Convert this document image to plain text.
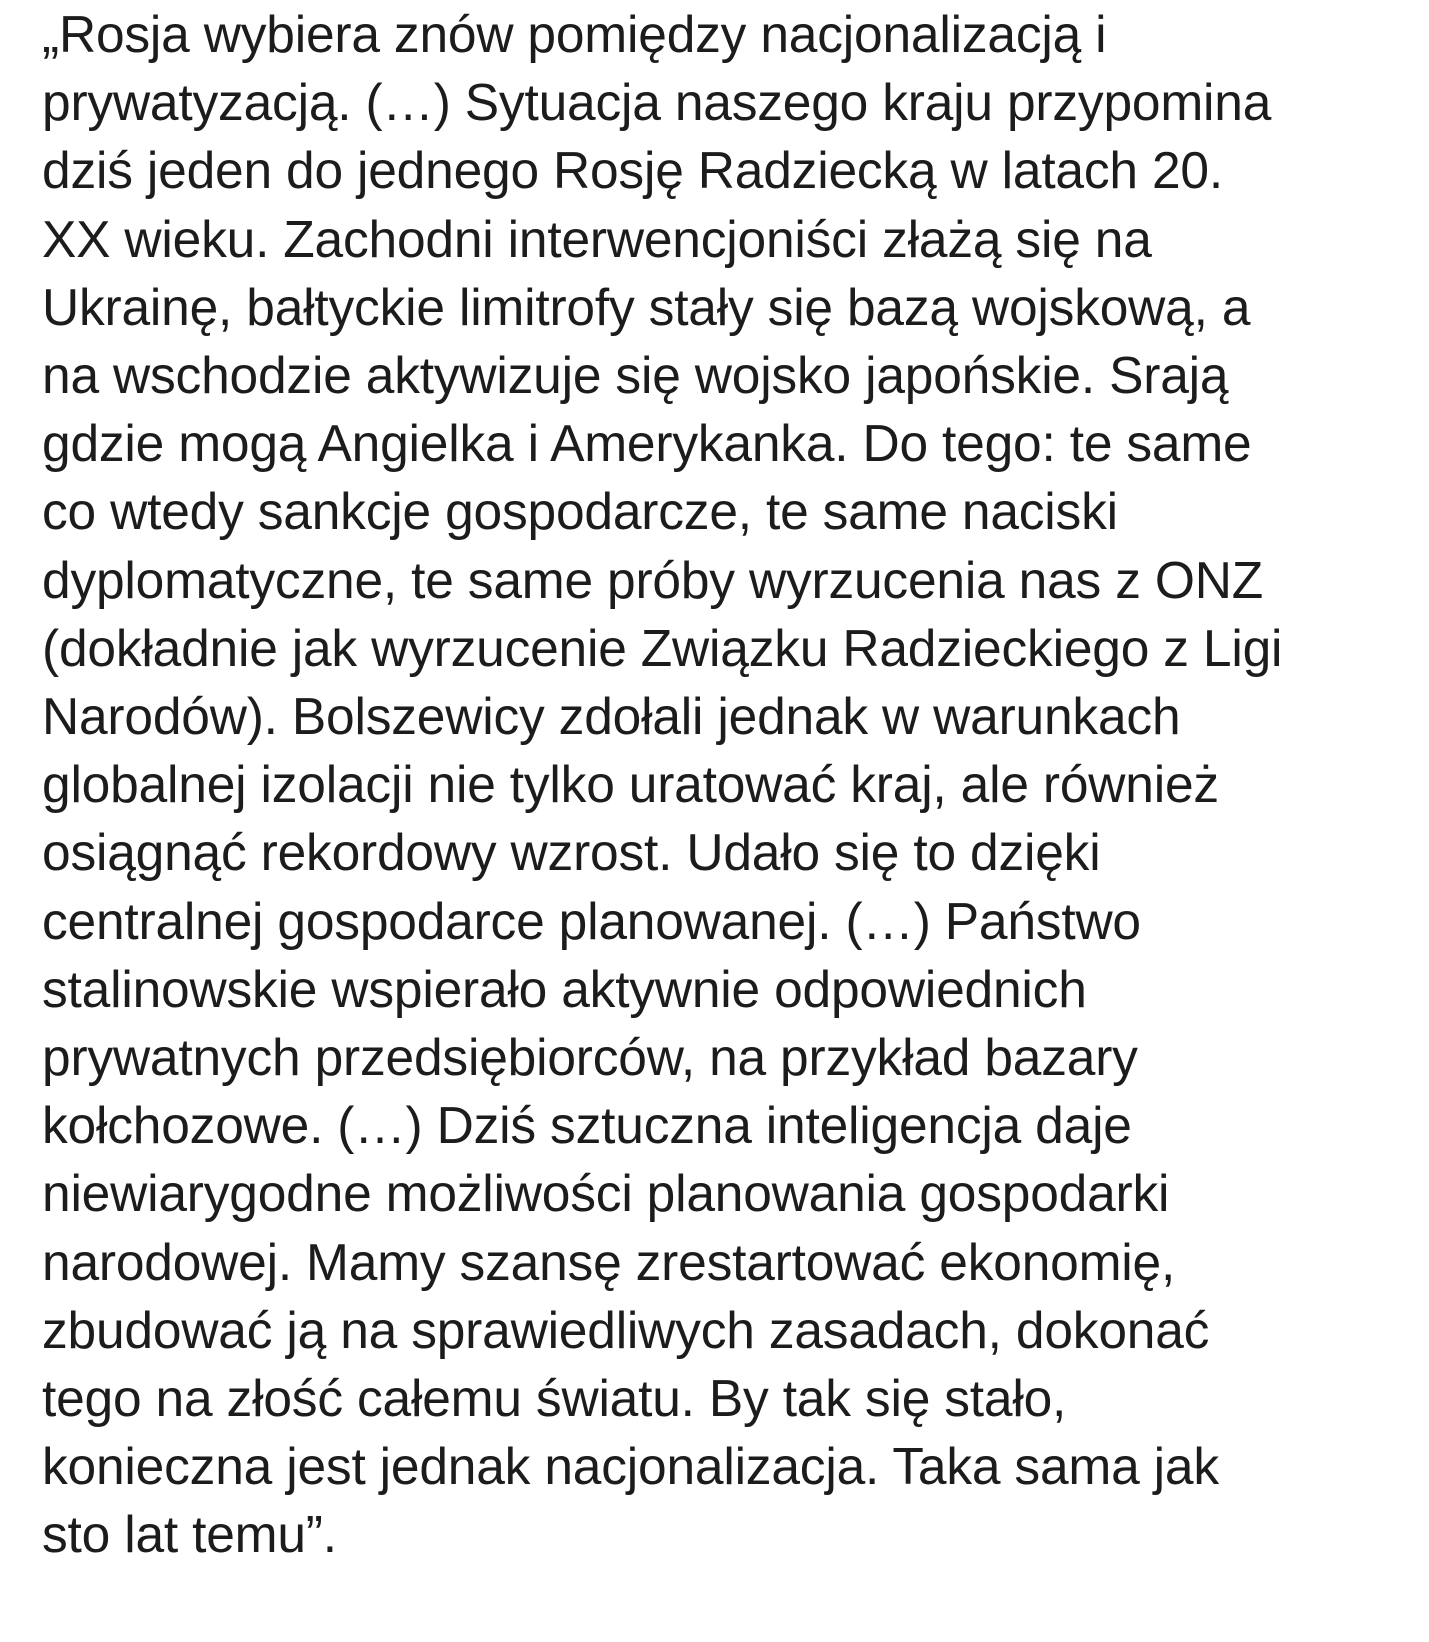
„Rosja wybiera znów pomiędzy nacjonalizacją i
prywatyzacją. (…) Sytuacja naszego kraju przypomina
dziś jeden do jednego Rosję Radziecką w latach 20.
XX wieku. Zachodni interwencjoniści złażą się na
Ukrainę, bałtyckie limitrofy stały się bazą wojskową, a
na wschodzie aktywizuje się wojsko japońskie. Srają
gdzie mogą Angielka i Amerykanka. Do tego: te same
co wtedy sankcje gospodarcze, te same naciski
dyplomatyczne, te same próby wyrzucenia nas z ONZ
(dokładnie jak wyrzucenie Związku Radzieckiego z Ligi
Narodów). Bolszewicy zdołali jednak w warunkach
globalnej izolacji nie tylko uratować kraj, ale również
osiągnąć rekordowy wzrost. Udało się to dzięki
centralnej gospodarce planowanej. (…) Państwo
stalinowskie wspierało aktywnie odpowiednich
prywatnych przedsiębiorców, na przykład bazary
kołchozowe. (…) Dziś sztuczna inteligencja daje
niewiarygodne możliwości planowania gospodarki
narodowej. Mamy szansę zrestartować ekonomię,
zbudować ją na sprawiedliwych zasadach, dokonać
tego na złość całemu światu. By tak się stało,
konieczna jest jednak nacjonalizacja. Taka sama jak
sto lat temu”.
